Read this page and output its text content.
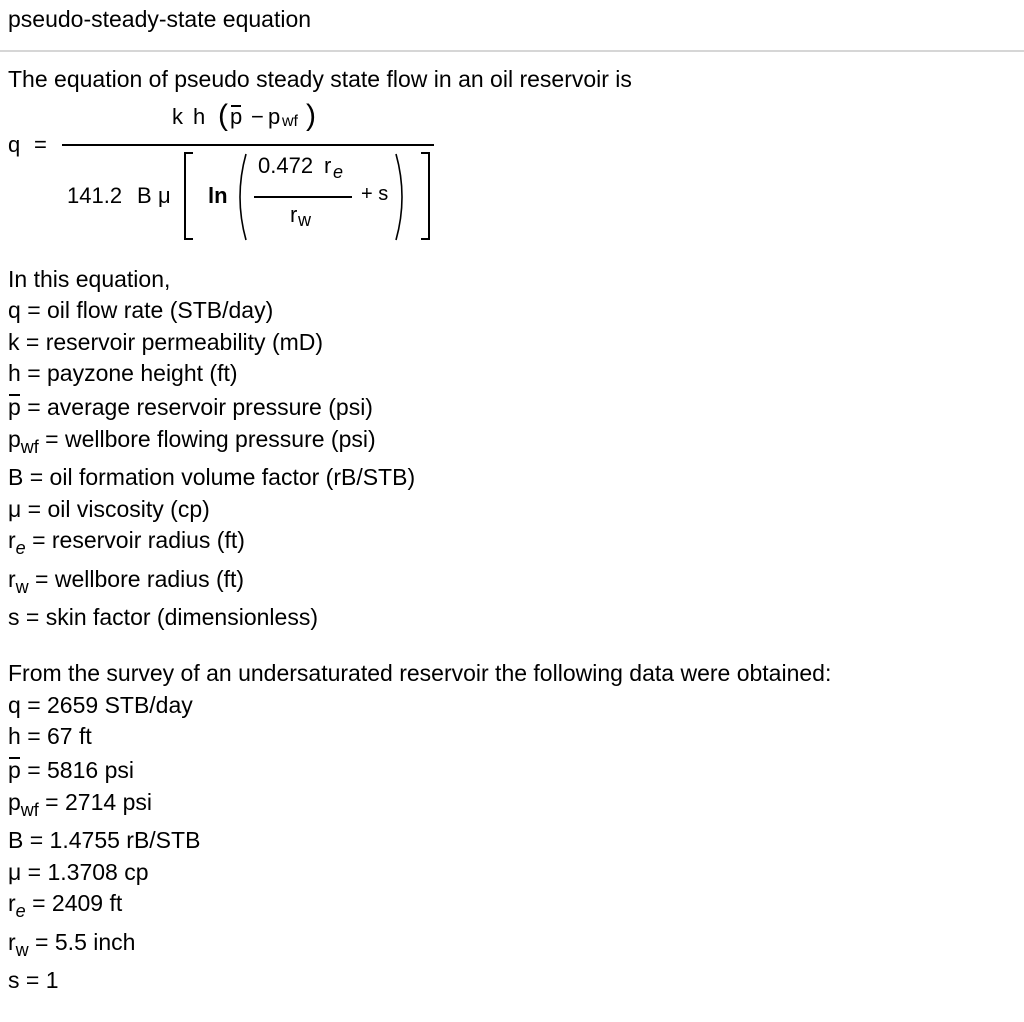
pseudo-steady-state equation
The equation of pseudo steady state flow in an oil reservoir is
q =
k h ( p − p wf )
141.2 B μ ln
0.472 r e
r w
+ s
In this equation,
q = oil flow rate (STB/day)
k = reservoir permeability (mD)
h = payzone height (ft)
p = average reservoir pressure (psi)
$p_{wf}$ = wellbore flowing pressure (psi)
B = oil formation volume factor (rB/STB)
μ = oil viscosity (cp)
$r_e$ = reservoir radius (ft)
$r_w$ = wellbore radius (ft)
s = skin factor (dimensionless)
From the survey of an undersaturated reservoir the following data were obtained:
q = 2659 STB/day
h = 67 ft
p = 5816 psi
$p_{wf} = 2714$ psi
B = 1.4755 rB/STB
μ = 1.3708 cp
$r_e = 2409$ ft
$r_w = 5.5$ inch
s = 1
